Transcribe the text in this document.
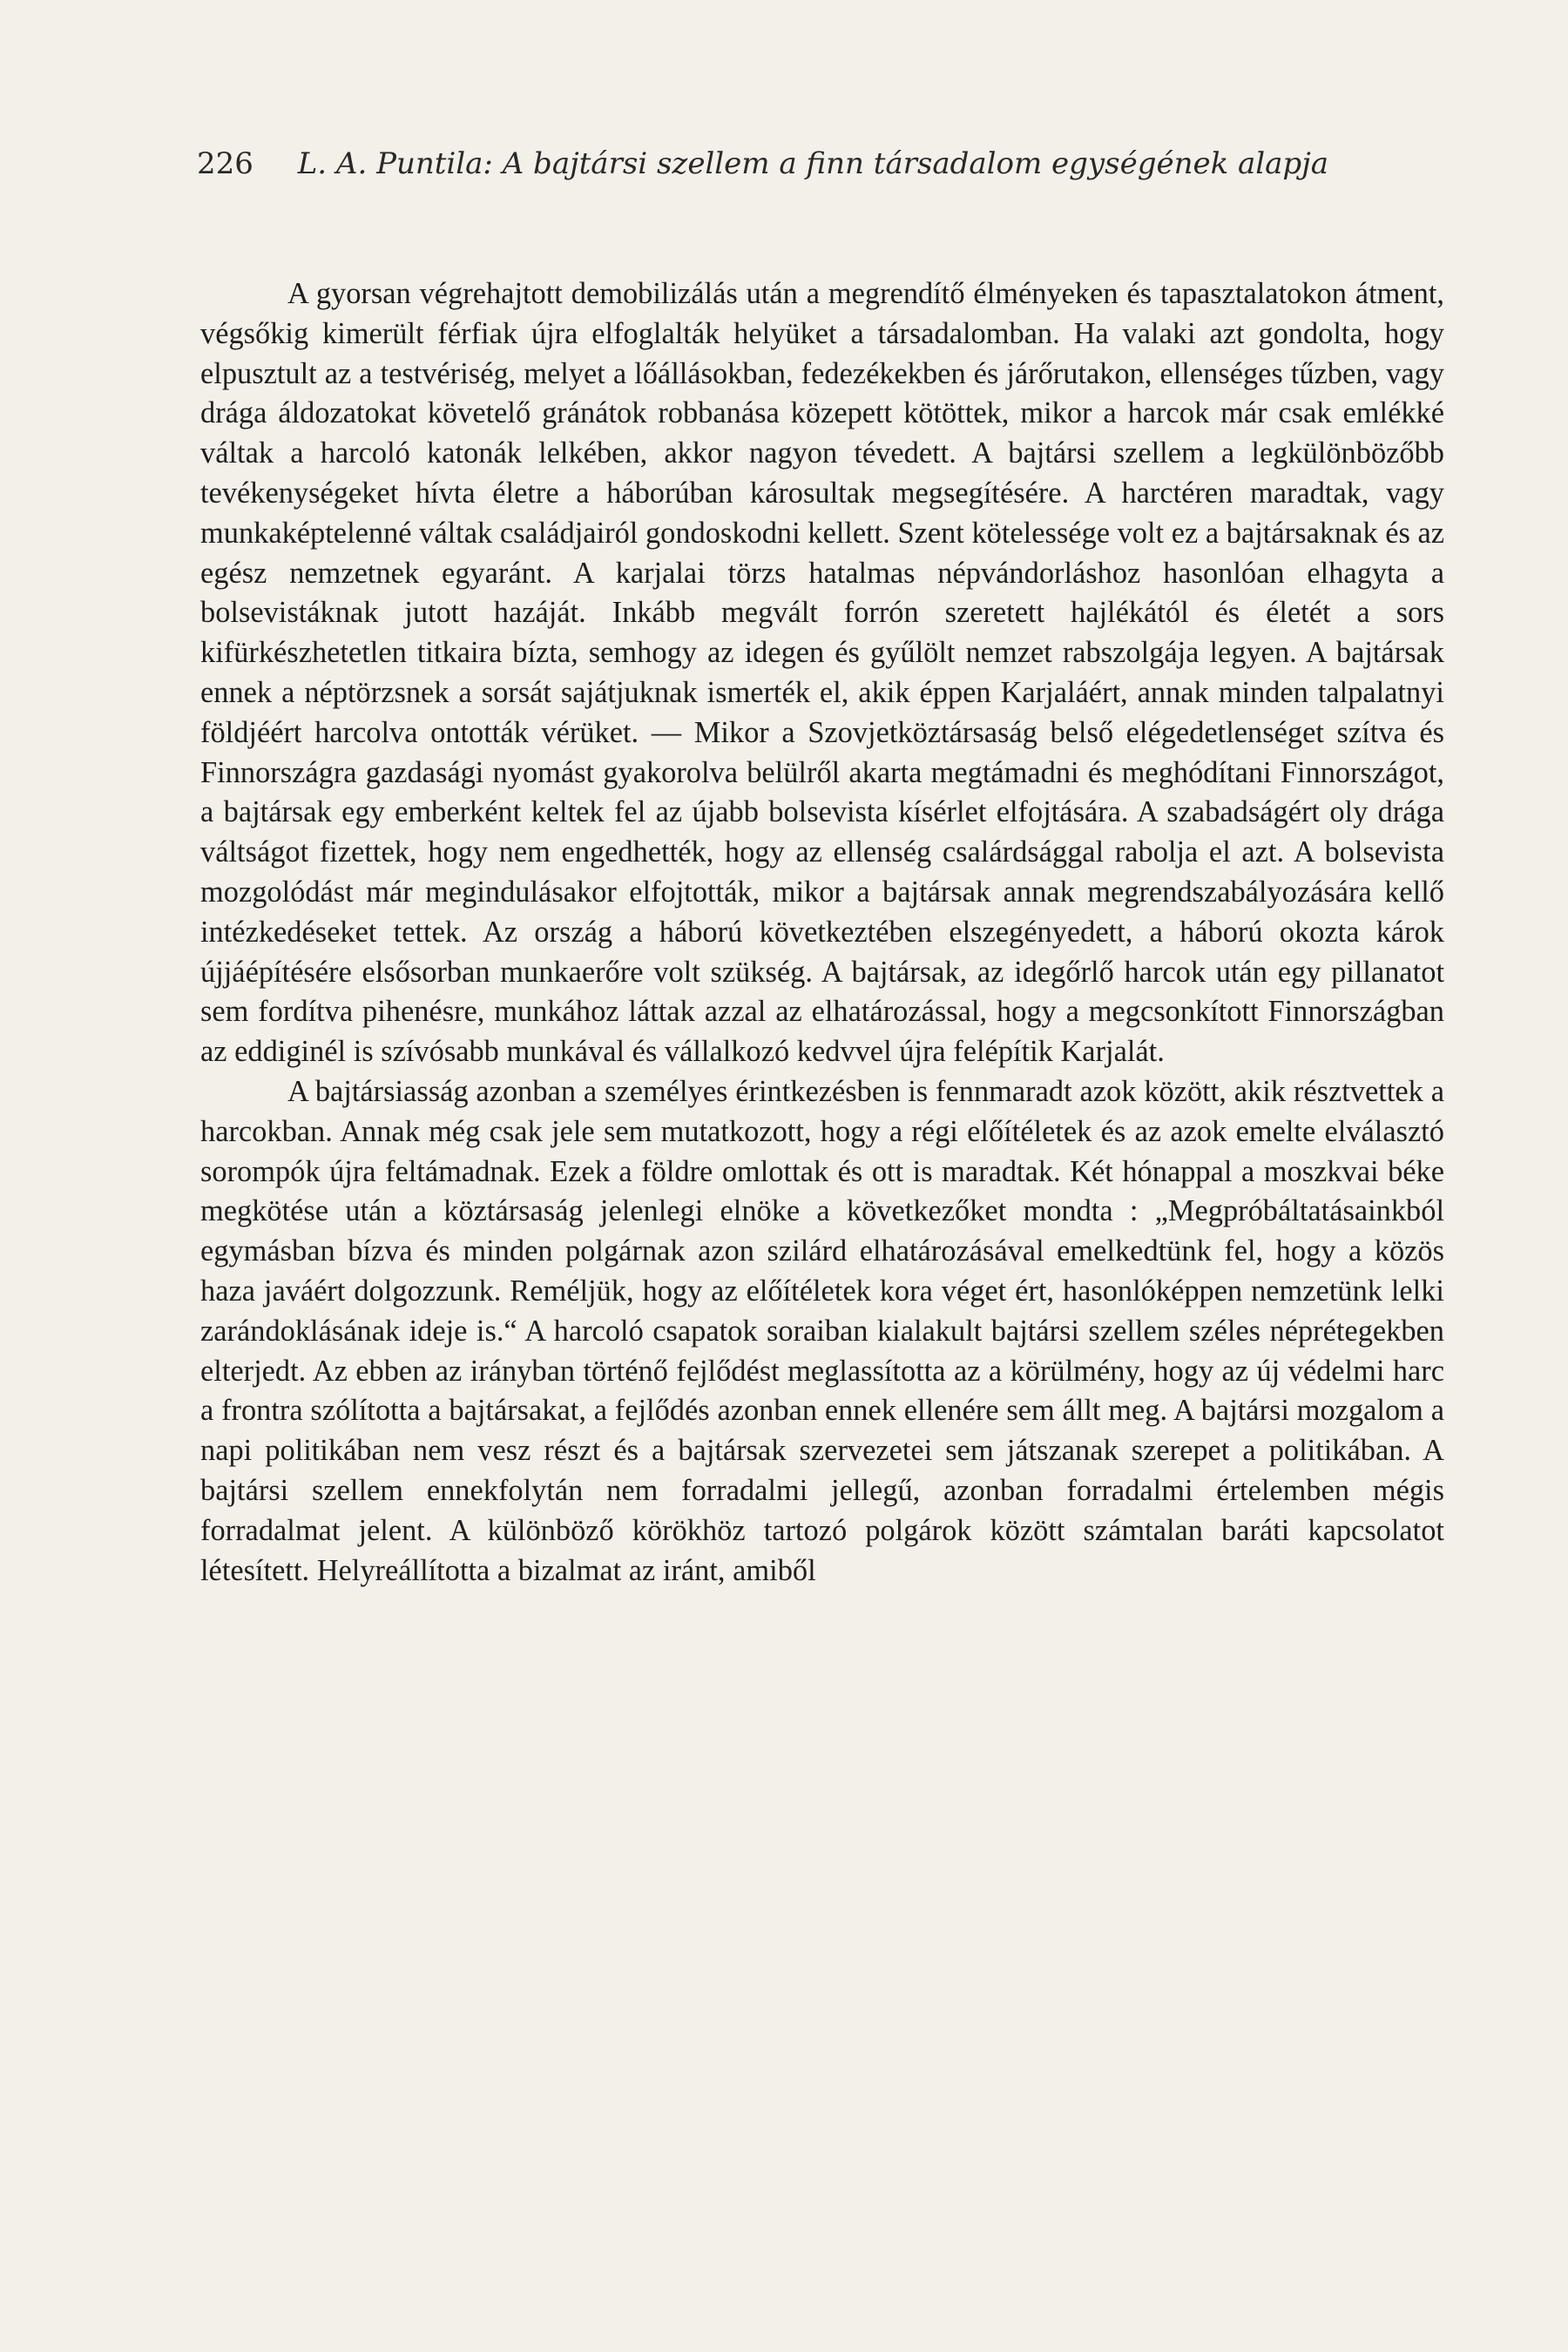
226 L. A. Puntila: A bajtársi szellem a finn társadalom egységének alapja

A gyorsan végrehajtott demobilizálás után a megrendítő élményeken és tapasztalatokon átment, végsőkig kimerült férfiak újra elfoglalták helyüket a társadalomban. Ha valaki azt gondolta, hogy elpusztult az a testvériség, melyet a lőállásokban, fedezékekben és járőrutakon, ellenséges tűzben, vagy drága áldozatokat követelő gránátok robbanása közepett kötöttek, mikor a harcok már csak emlékké váltak a harcoló katonák lelkében, akkor nagyon tévedett. A bajtársi szellem a legkülönbözőbb tevékenységeket hívta életre a háborúban károsultak megsegítésére. A harctéren maradtak, vagy munkaképtelenné váltak családjairól gondoskodni kellett. Szent kötelessége volt ez a bajtársaknak és az egész nemzetnek egyaránt. A karjalai törzs hatalmas népvándorláshoz hasonlóan elhagyta a bolsevistáknak jutott hazáját. Inkább megvált forrón szeretett hajlékától és életét a sors kifürkészhetetlen titkaira bízta, semhogy az idegen és gyűlölt nemzet rabszolgája legyen. A bajtársak ennek a néptörzsnek a sorsát sajátjuknak ismerték el, akik éppen Karjaláért, annak minden talpalatnyi földjéért harcolva ontották vérüket. — Mikor a Szovjetköztársaság belső elégedetlenséget szítva és Finnországra gazdasági nyomást gyakorolva belülről akarta megtámadni és meghódítani Finnországot, a bajtársak egy emberként keltek fel az újabb bolsevista kísérlet elfojtására. A szabadságért oly drága váltságot fizettek, hogy nem engedhették, hogy az ellenség csalárdsággal rabolja el azt. A bolsevista mozgolódást már megindulásakor elfojtották, mikor a bajtársak annak megrendszabályozására kellő intézkedéseket tettek. Az ország a háború következtében elszegényedett, a háború okozta károk újjáépítésére elsősorban munkaerőre volt szükség. A bajtársak, az idegőrlő harcok után egy pillanatot sem fordítva pihenésre, munkához láttak azzal az elhatározással, hogy a megcsonkított Finnországban az eddiginél is szívósabb munkával és vállalkozó kedvvel újra felépítik Karjalát.

A bajtársiasság azonban a személyes érintkezésben is fennmaradt azok között, akik résztvettek a harcokban. Annak még csak jele sem mutatkozott, hogy a régi előítéletek és az azok emelte elválasztó sorompók újra feltámadnak. Ezek a földre omlottak és ott is maradtak. Két hónappal a moszkvai béke megkötése után a köztársaság jelenlegi elnöke a következőket mondta : „Megpróbáltatásainkból egymásban bízva és minden polgárnak azon szilárd elhatározásával emelkedtünk fel, hogy a közös haza javáért dolgozzunk. Reméljük, hogy az előítéletek kora véget ért, hasonlóképpen nemzetünk lelki zarándoklásának ideje is.“ A harcoló csapatok soraiban kialakult bajtársi szellem széles néprétegekben elterjedt. Az ebben az irányban történő fejlődést meglassította az a körülmény, hogy az új védelmi harc a frontra szólította a bajtársakat, a fejlődés azonban ennek ellenére sem állt meg. A bajtársi mozgalom a napi politikában nem vesz részt és a bajtársak szervezetei sem játszanak szerepet a politikában. A bajtársi szellem ennekfolytán nem forradalmi jellegű, azonban forradalmi értelemben mégis forradalmat jelent. A különböző körökhöz tartozó polgárok között számtalan baráti kapcsolatot létesített. Helyreállította a bizalmat az iránt, amiből
